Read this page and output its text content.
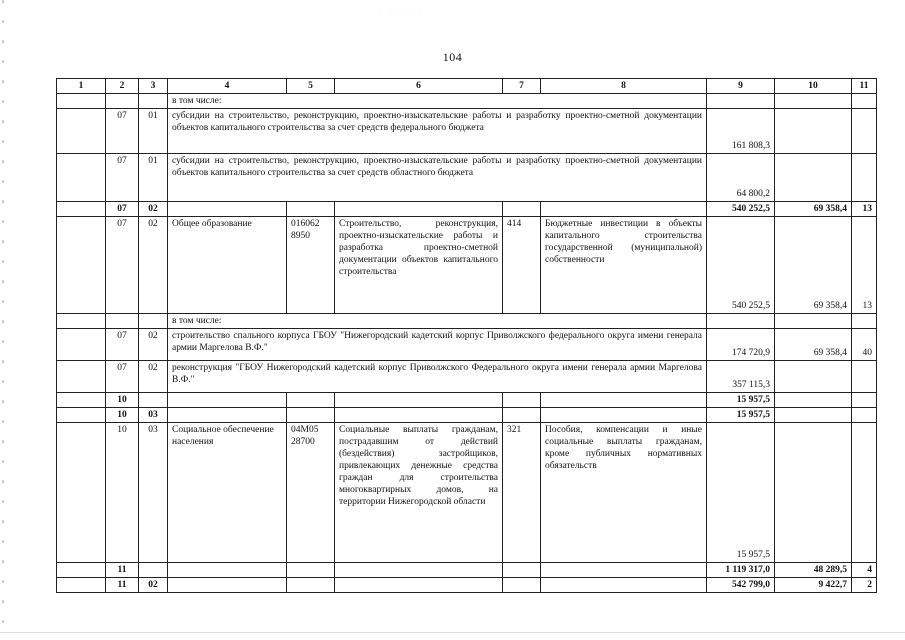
· · · · ·
104
1	2	3	4	5	6	7	8	9	10	11
			в том числе:							
	07	01	субсидии на строительство, реконструкцию, проектно-изыскательские работы и разработку проектно-сметной документации объектов капитального строительства за счет средств федерального бюджета					161 808,3		
	07	01	субсидии на строительство, реконструкцию, проектно-изыскательские работы и разработку проектно-сметной документации объектов капитального строительства за счет средств областного бюджета					64 800,2		
	07	02						540 252,5	69 358,4	13
	07	02	Общее образование	016062 8950	Строительство, реконструкция, проектно-изыскательские работы и разработка проектно-сметной документации объектов капитального строительства	414	Бюджетные инвестиции в объекты капитального строительства государственной (муниципальной) собственности	540 252,5	69 358,4	13
			в том числе:							
	07	02	строительство спального корпуса ГБОУ "Нижегородский кадетский корпус Приволжского федерального округа имени генерала армии Маргелова В.Ф."					174 720,9	69 358,4	40
	07	02	реконструкция "ГБОУ Нижегородский кадетский корпус Приволжского Федерального округа имени генерала армии Маргелова В.Ф."					357 115,3		
	10							15 957,5		
	10	03						15 957,5		
	10	03	Социальное обеспечение населения	04М05 28700	Социальные выплаты гражданам, пострадавшим от действий (бездействия) застройщиков, привлекающих денежные средства граждан для строительства многоквартирных домов, на территории Нижегородской области	321	Пособия, компенсации и иные социальные выплаты гражданам, кроме публичных нормативных обязательств	15 957,5		
	11							1 119 317,0	48 289,5	4
	11	02						542 799,0	9 422,7	2
